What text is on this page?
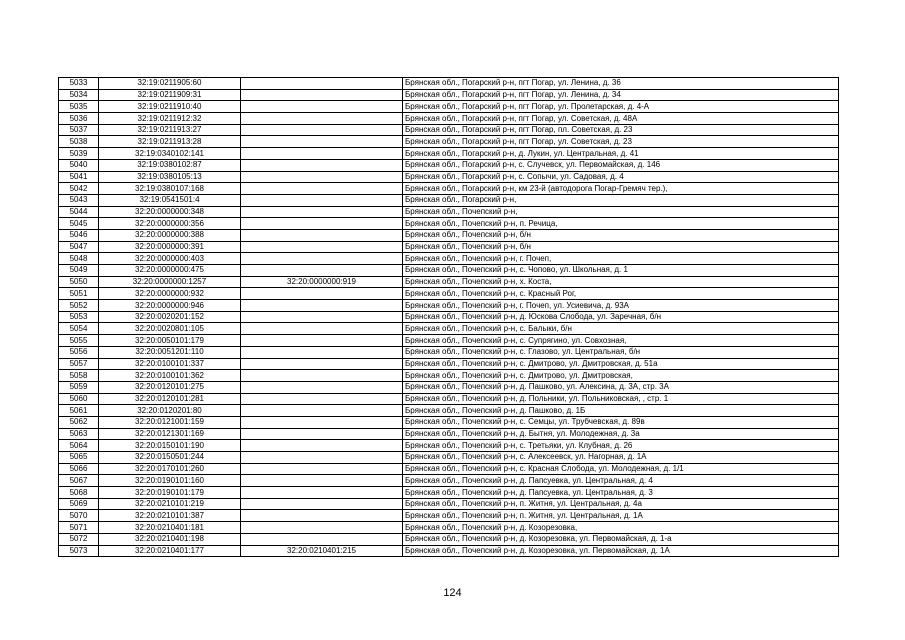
5033	32:19:0211905:60		Брянская обл., Погарский р-н, пгт Погар, ул. Ленина, д. 36
5034	32:19:0211909:31		Брянская обл., Погарский р-н, пгт Погар, ул. Ленина, д. 34
5035	32:19:0211910:40		Брянская обл., Погарский р-н, пгт Погар, ул. Пролетарская, д. 4-А
5036	32:19:0211912:32		Брянская обл., Погарский р-н, пгт Погар, ул. Советская, д. 48А
5037	32:19:0211913:27		Брянская обл., Погарский р-н, пгт Погар, пл. Советская, д. 23
5038	32:19:0211913:28		Брянская обл., Погарский р-н, пгт Погар, ул. Советская, д. 23
5039	32:19:0340102:141		Брянская обл., Погарский р-н, д. Лукин, ул. Центральная, д. 41
5040	32:19:0380102:87		Брянская обл., Погарский р-н, с. Случевск, ул. Первомайская, д. 146
5041	32:19:0380105:13		Брянская обл., Погарский р-н, с. Сопычи, ул. Садовая, д. 4
5042	32:19:0380107:168		Брянская обл., Погарский р-н, км 23-й (автодорога Погар-Гремяч тер.),
5043	32:19:0541501:4		Брянская обл., Погарский р-н,
5044	32:20:0000000:348		Брянская обл., Почепский р-н,
5045	32:20:0000000:356		Брянская обл., Почепский р-н, п. Речица,
5046	32:20:0000000:388		Брянская обл., Почепский р-н, б/н
5047	32:20:0000000:391		Брянская обл., Почепский р-н, б/н
5048	32:20:0000000:403		Брянская обл., Почепский р-н, г. Почеп,
5049	32:20:0000000:475		Брянская обл., Почепский р-н, с. Чопово, ул. Школьная, д. 1
5050	32:20:0000000:1257	32:20:0000000:919	Брянская обл., Почепский р-н, х. Коста,
5051	32:20:0000000:932		Брянская обл., Почепский р-н, с. Красный Рог,
5052	32:20:0000000:946		Брянская обл., Почепский р-н, г. Почеп, ул. Усиевича, д. 93А
5053	32:20:0020201:152		Брянская обл., Почепский р-н, д. Юскова Слобода, ул. Заречная, б/н
5054	32:20:0020801:105		Брянская обл., Почепский р-н, с. Балыки, б/н
5055	32:20:0050101:179		Брянская обл., Почепский р-н, с. Супрягино, ул. Совхозная,
5056	32:20:0051201:110		Брянская обл., Почепский р-н, с. Глазово, ул. Центральная, б/н
5057	32:20:0100101:337		Брянская обл., Почепский р-н, с. Дмитрово, ул. Дмитровская, д. 51а
5058	32:20:0100101:362		Брянская обл., Почепский р-н, с. Дмитрово, ул. Дмитровская,
5059	32:20:0120101:275		Брянская обл., Почепский р-н, д. Пашково, ул. Алексина, д. 3А, стр. 3А
5060	32:20:0120101:281		Брянская обл., Почепский р-н, д. Польники, ул. Польниковская, , стр. 1
5061	32:20:0120201:80		Брянская обл., Почепский р-н, д. Пашково, д. 1Б
5062	32:20:0121001:159		Брянская обл., Почепский р-н, с. Семцы, ул. Трубчевская, д. 89в
5063	32:20:0121301:169		Брянская обл., Почепский р-н, д. Бытня, ул. Молодежная, д. 3а
5064	32:20:0150101:190		Брянская обл., Почепский р-н, с. Третьяки, ул. Клубная, д. 26
5065	32:20:0150501:244		Брянская обл., Почепский р-н, с. Алексеевск, ул. Нагорная, д. 1А
5066	32:20:0170101:260		Брянская обл., Почепский р-н, с. Красная Слобода, ул. Молодежная, д. 1/1
5067	32:20:0190101:160		Брянская обл., Почепский р-н, д. Папсуевка, ул. Центральная, д. 4
5068	32:20:0190101:179		Брянская обл., Почепский р-н, д. Папсуевка, ул. Центральная, д. 3
5069	32:20:0210101:219		Брянская обл., Почепский р-н, п. Житня, ул. Центральная, д. 4а
5070	32:20:0210101:387		Брянская обл., Почепский р-н, п. Житня, ул. Центральная, д. 1А
5071	32:20:0210401:181		Брянская обл., Почепский р-н, д. Козорезовка,
5072	32:20:0210401:198		Брянская обл., Почепский р-н, д. Козорезовка, ул. Первомайская, д. 1-а
5073	32:20:0210401:177	32:20:0210401:215	Брянская обл., Почепский р-н, д. Козорезовка, ул. Первомайская, д. 1А
124
